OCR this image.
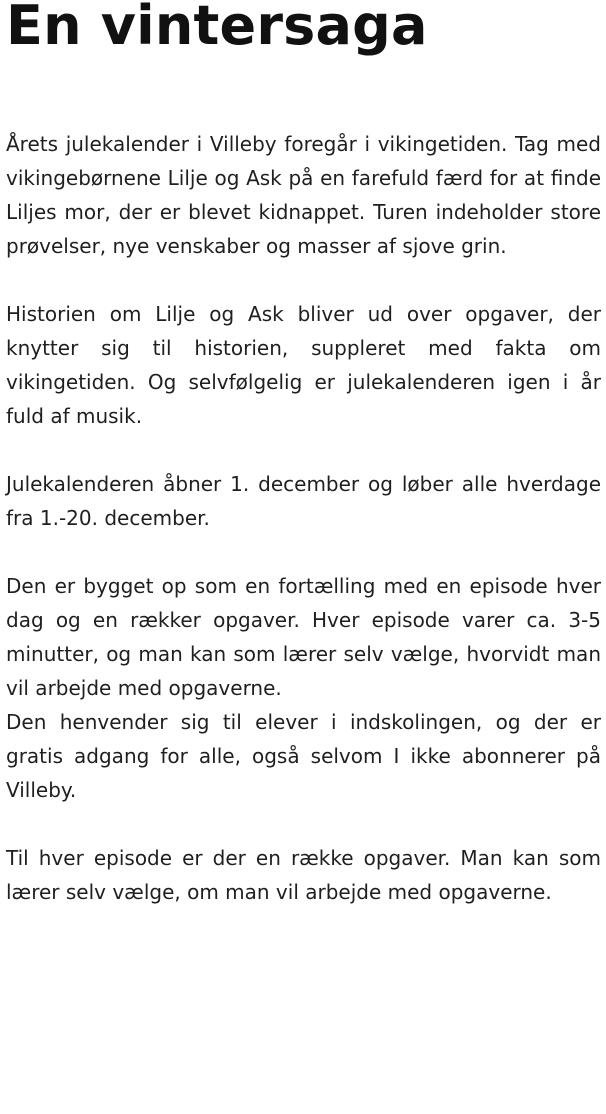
En vintersaga

Årets julekalender i Villeby foregår i vikingetiden. Tag med vikingebørnene Lilje og Ask på en farefuld færd for at finde Liljes mor, der er blevet kidnappet. Turen indeholder store prøvelser, nye venskaber og masser af sjove grin.

Historien om Lilje og Ask bliver ud over opgaver, der knytter sig til historien, suppleret med fakta om vikingetiden. Og selvfølgelig er julekalenderen igen i år fuld af musik.

Julekalenderen åbner 1. december og løber alle hverdage fra 1.-20. december.

Den er bygget op som en fortælling med en episode hver dag og en rækker opgaver. Hver episode varer ca. 3-5 minutter, og man kan som lærer selv vælge, hvorvidt man vil arbejde med opgaverne.

Den henvender sig til elever i indskolingen, og der er gratis adgang for alle, også selvom I ikke abonnerer på Villeby.

Til hver episode er der en række opgaver. Man kan som lærer selv vælge, om man vil arbejde med opgaverne.
